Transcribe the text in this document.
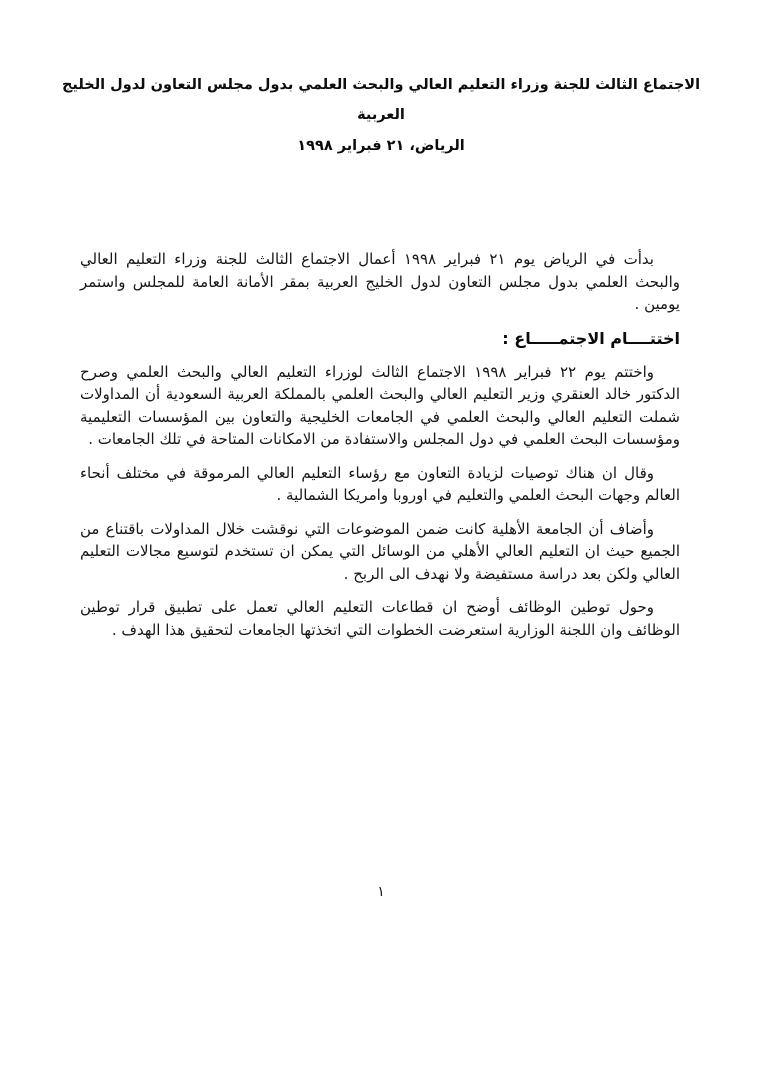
الاجتماع الثالث للجنة وزراء التعليم العالي والبحث العلمي بدول مجلس التعاون لدول الخليج العربية
الرياض، ٢١ فبراير ١٩٩٨

بدأت في الرياض يوم ٢١ فبراير ١٩٩٨ أعمال الاجتماع الثالث للجنة وزراء التعليم العالي والبحث العلمي بدول مجلس التعاون لدول الخليج العربية بمقر الأمانة العامة للمجلس واستمر يومين .

اختتــــام الاجتمـــــاع :

واختتم يوم ٢٢ فبراير ١٩٩٨ الاجتماع الثالث لوزراء التعليم العالي والبحث العلمي وصرح الدكتور خالد العنقري وزير التعليم العالي والبحث العلمي بالمملكة العربية السعودية أن المداولات شملت التعليم العالي والبحث العلمي في الجامعات الخليجية والتعاون بين المؤسسات التعليمية ومؤسسات البحث العلمي في دول المجلس والاستفادة من الامكانات المتاحة في تلك الجامعات .

وقال ان هناك توصيات لزيادة التعاون مع رؤساء التعليم العالي المرموقة في مختلف أنحاء العالم وجهات البحث العلمي والتعليم في اوروبا وامريكا الشمالية .

وأضاف أن الجامعة الأهلية كانت ضمن الموضوعات التي نوقشت خلال المداولات باقتناع من الجميع حيث ان التعليم العالي الأهلي من الوسائل التي يمكن ان تستخدم لتوسيع مجالات التعليم العالي ولكن بعد دراسة مستفيضة ولا نهدف الى الربح .

وحول توطين الوظائف أوضح ان قطاعات التعليم العالي تعمل على تطبيق قرار توطين الوظائف وان اللجنة الوزارية استعرضت الخطوات التي اتخذتها الجامعات لتحقيق هذا الهدف .

١
